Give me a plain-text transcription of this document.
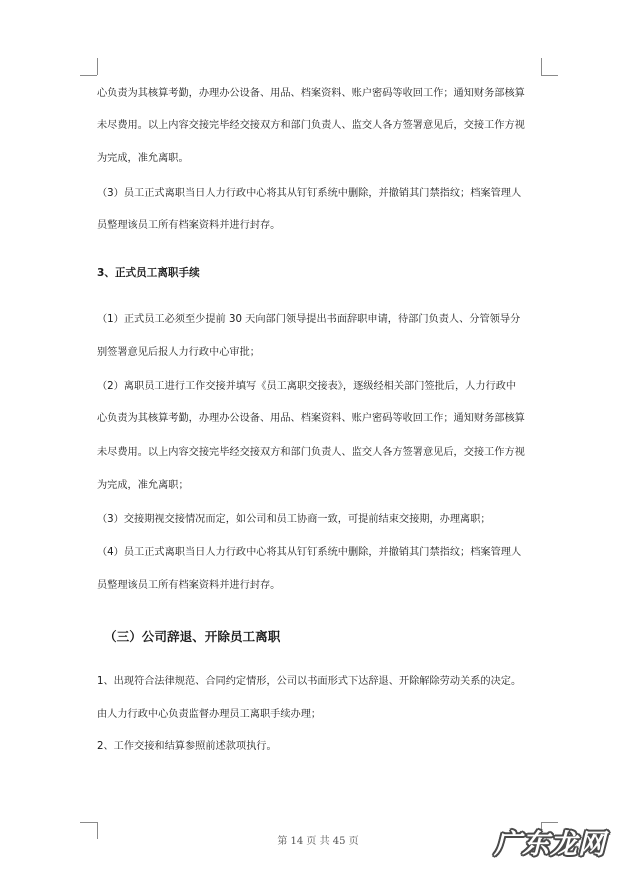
心负责为其核算考勤，办理办公设备、用品、档案资料、账户密码等收回工作；通知财务部核算
未尽费用。以上内容交接完毕经交接双方和部门负责人、监交人各方签署意见后，交接工作方视
为完成，准允离职。
（3）员工正式离职当日人力行政中心将其从钉钉系统中删除，并撤销其门禁指纹；档案管理人
员整理该员工所有档案资料并进行封存。
3、正式员工离职手续
（1）正式员工必须至少提前 30 天向部门领导提出书面辞职申请，待部门负责人、分管领导分
别签署意见后报人力行政中心审批；
（2）离职员工进行工作交接并填写《员工离职交接表》，逐级经相关部门签批后，人力行政中
心负责为其核算考勤，办理办公设备、用品、档案资料、账户密码等收回工作；通知财务部核算
未尽费用。以上内容交接完毕经交接双方和部门负责人、监交人各方签署意见后，交接工作方视
为完成，准允离职；
（3）交接期视交接情况而定，如公司和员工协商一致，可提前结束交接期，办理离职；
（4）员工正式离职当日人力行政中心将其从钉钉系统中删除，并撤销其门禁指纹；档案管理人
员整理该员工所有档案资料并进行封存。
（三）公司辞退、开除员工离职
1、出现符合法律规范、合同约定情形，公司以书面形式下达辞退、开除解除劳动关系的决定。
由人力行政中心负责监督办理员工离职手续办理；
2、工作交接和结算参照前述款项执行。
第 14 页 共 45 页	广东龙网
